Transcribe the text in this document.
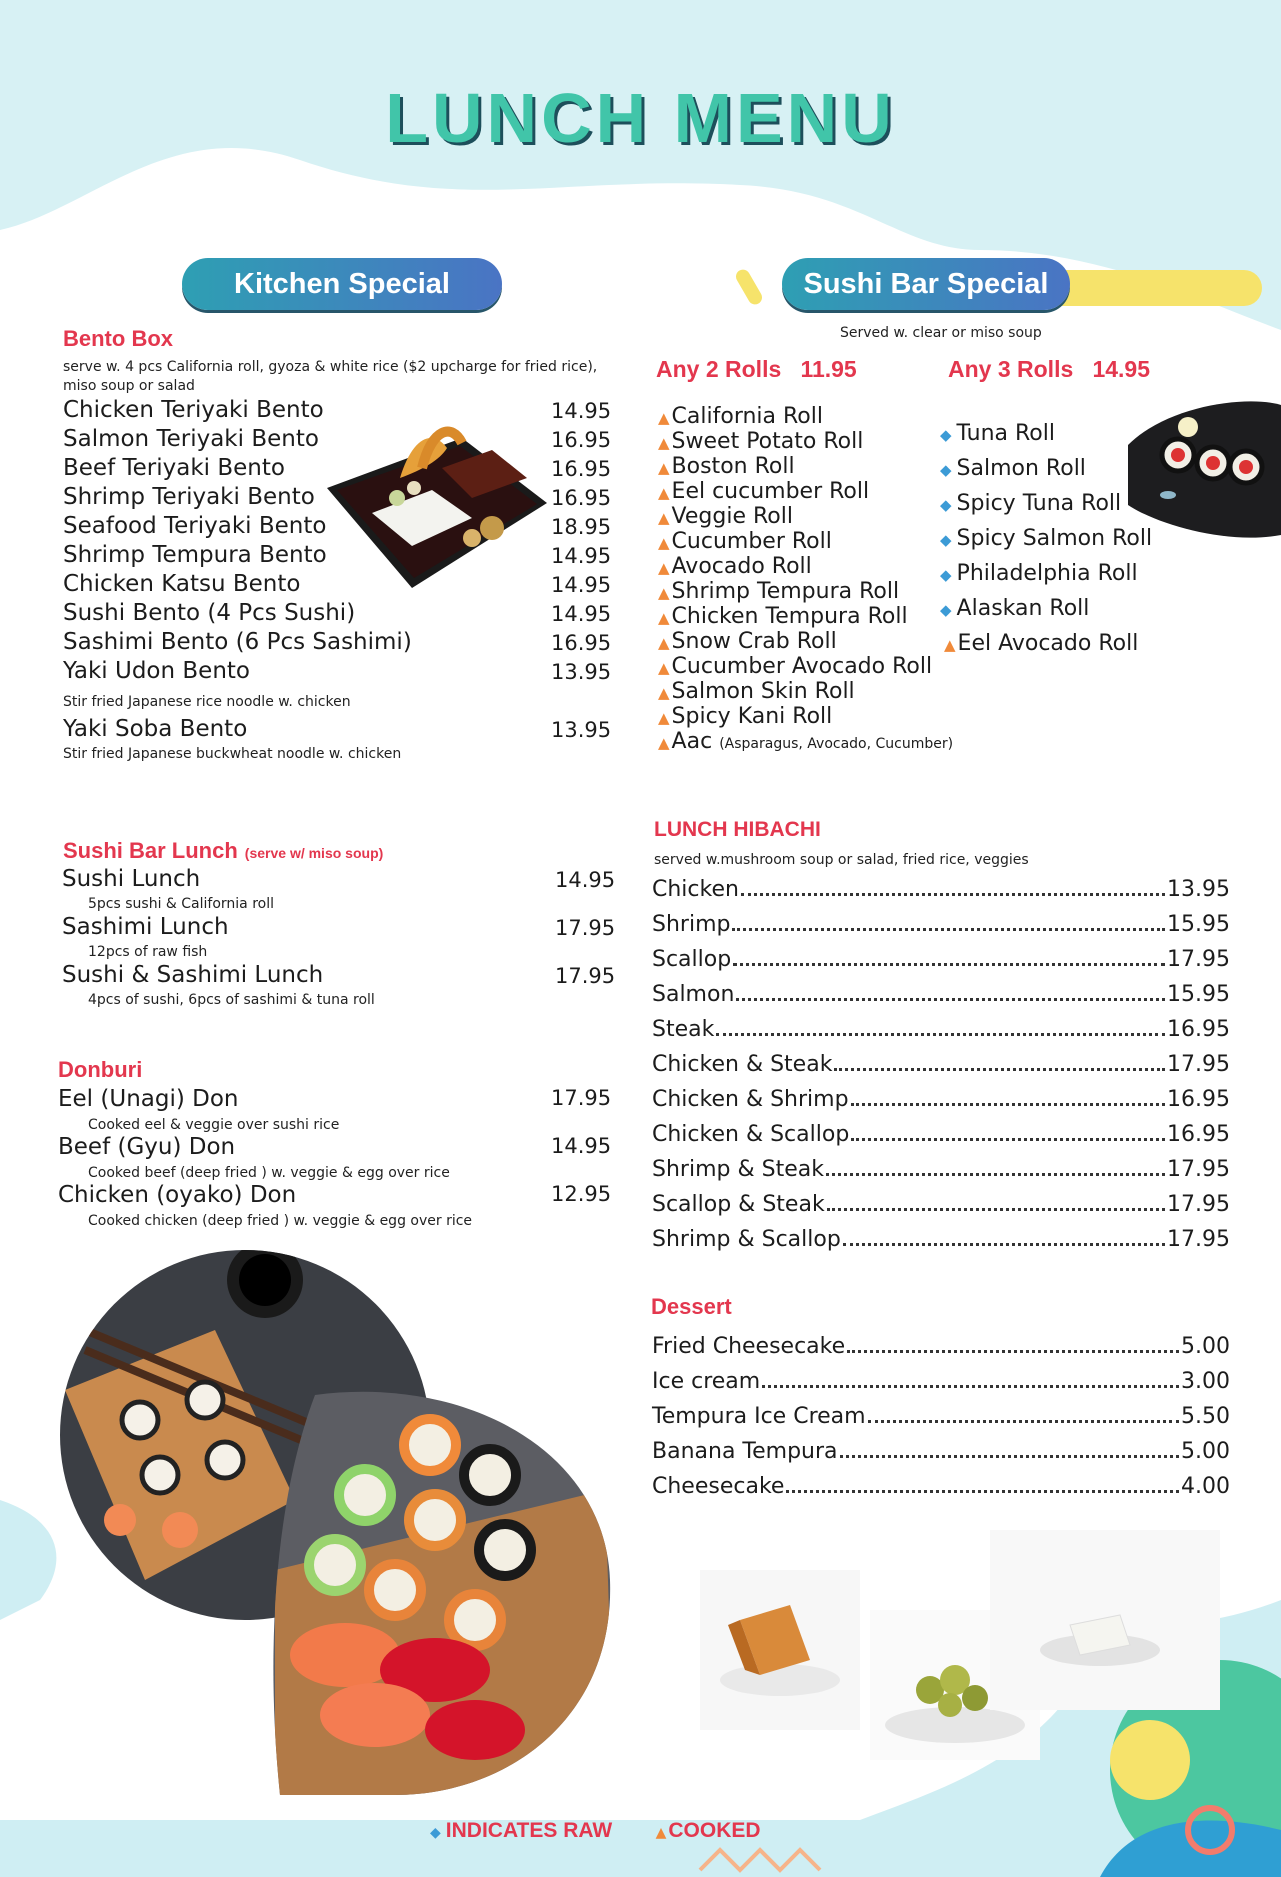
LUNCH MENU
Kitchen Special	Sushi Bar Special
Bento Box
serve w. 4 pcs California roll, gyoza & white rice ($2 upcharge for fried rice), miso soup or salad
Chicken Teriyaki Bento	14.95
Salmon Teriyaki Bento	16.95
Beef Teriyaki Bento	16.95
Shrimp Teriyaki Bento	16.95
Seafood Teriyaki Bento	18.95
Shrimp Tempura Bento	14.95
Chicken Katsu Bento	14.95
Sushi Bento (4 Pcs Sushi)	14.95
Sashimi Bento (6 Pcs Sashimi)	16.95
Yaki Udon Bento	13.95
Stir fried Japanese rice noodle w. chicken
Yaki Soba Bento	13.95
Stir fried Japanese buckwheat noodle w. chicken
Sushi Bar Lunch (serve w/ miso soup)
Sushi Lunch	14.95
5pcs sushi & California roll
Sashimi Lunch	17.95
12pcs of raw fish
Sushi & Sashimi Lunch	17.95
4pcs of sushi, 6pcs of sashimi & tuna roll
Donburi
Eel (Unagi) Don	17.95
Cooked eel & veggie over sushi rice
Beef (Gyu) Don	14.95
Cooked beef (deep fried ) w. veggie & egg over rice
Chicken (oyako) Don	12.95
Cooked chicken (deep fried ) w. veggie & egg over rice
Served w. clear or miso soup
Any 2 Rolls 11.95	Any 3 Rolls 14.95
▲California Roll
▲Sweet Potato Roll
▲Boston Roll
▲Eel cucumber Roll
▲Veggie Roll
▲Cucumber Roll
▲Avocado Roll
▲Shrimp Tempura Roll
▲Chicken Tempura Roll
▲Snow Crab Roll
▲Cucumber Avocado Roll
▲Salmon Skin Roll
▲Spicy Kani Roll
▲Aac (Asparagus, Avocado, Cucumber)
◆ Tuna Roll
◆ Salmon Roll
◆ Spicy Tuna Roll
◆ Spicy Salmon Roll
◆ Philadelphia Roll
◆ Alaskan Roll
▲Eel Avocado Roll
LUNCH HIBACHI
served w.mushroom soup or salad, fried rice, veggies
Chicken	13.95
Shrimp	15.95
Scallop	17.95
Salmon	15.95
Steak	16.95
Chicken & Steak	17.95
Chicken & Shrimp	16.95
Chicken & Scallop	16.95
Shrimp & Steak	17.95
Scallop & Steak	17.95
Shrimp & Scallop	17.95
Dessert
Fried Cheesecake	5.00
Ice cream	3.00
Tempura Ice Cream	5.50
Banana Tempura	5.00
Cheesecake	4.00
◆ INDICATES RAW	▲COOKED
